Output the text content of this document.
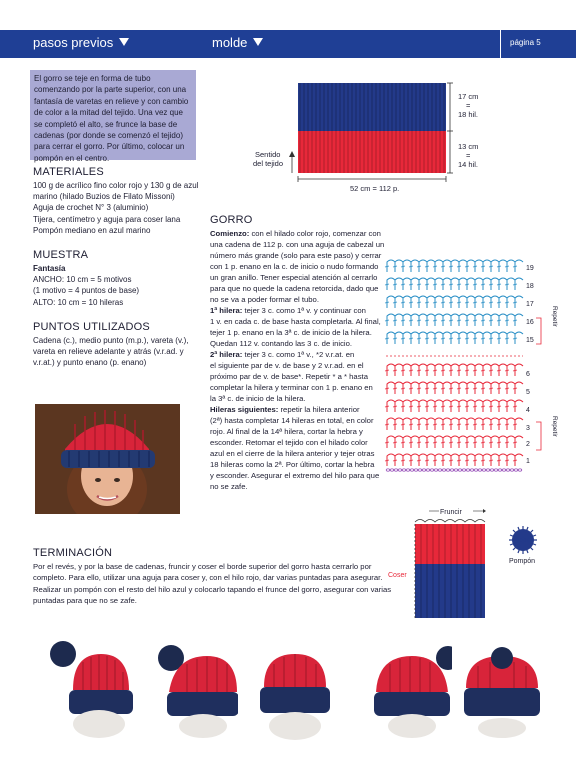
pasos previos	molde	página 5
El gorro se teje en forma de tubo comenzando por la parte superior, con una fantasía de varetas en relieve y con cambio de color a la mitad del tejido. Una vez que se completó el alto, se frunce la base de cadenas (por donde se comenzó el tejido) para cerrar el gorro. Por último, colocar un pompón en el centro.
MATERIALES
100 g de acrílico fino color rojo y 130 g de azul
marino (hilado Buzios de Filato Missoni)
Aguja de crochet N° 3 (aluminio)
Tijera, centímetro y aguja para coser lana
Pompón mediano en azul marino
MUESTRA
Fantasía
ANCHO: 10 cm = 5 motivos
(1 motivo = 4 puntos de base)
ALTO: 10 cm = 10 hileras
PUNTOS UTILIZADOS
Cadena (c.), medio punto (m.p.), vareta (v.),
vareta en relieve adelante y atrás (v.r.ad. y
v.r.at.) y punto enano (p. enano)
17 cm
=
18 hil.
13 cm
=
14 hil.
52 cm = 112 p.
Sentido
del tejido
GORRO
Comienzo: con el hilado color rojo, comenzar con
una cadena de 112 p. con una aguja de cabezal un
número más grande (solo para este paso) y cerrar
con 1 p. enano en la c. de inicio o nudo formando
un gran anillo. Tener especial atención al cerrarlo
para que no quede la cadena retorcida, dado que
no se va a poder formar el tubo.
1ª hilera: tejer 3 c. como 1ª v. y continuar con
1 v. en cada c. de base hasta completarla. Al final,
tejer 1 p. enano en la 3ª c. de inicio de la hilera.
Quedan 112 v. contando las 3 c. de inicio.
2ª hilera: tejer 3 c. como 1ª v., *2 v.r.at. en
el siguiente par de v. de base y 2 v.r.ad. en el
próximo par de v. de base*. Repetir * a * hasta
completar la hilera y terminar con 1 p. enano en
la 3ª c. de inicio de la hilera.
Hileras siguientes: repetir la hilera anterior
(2ª) hasta completar 14 hileras en total, en color
rojo. Al final de la 14ª hilera, cortar la hebra y
esconder. Retomar el tejido con el hilado color
azul en el cierre de la hilera anterior y tejer otras
18 hileras como la 2ª. Por último, cortar la hebra
y esconder. Asegurar el extremo del hilo para que
no se zafe.
19
18
17
16
15
6
5
4
3
2
1
Repetir
Repetir
TERMINACIÓN
Por el revés, y por la base de cadenas, fruncir y coser el borde superior del gorro hasta cerrarlo por
completo. Para ello, utilizar una aguja para coser y, con el hilo rojo, dar varias puntadas para asegurar.
Realizar un pompón con el resto del hilo azul y colocarlo tapando el frunce del gorro, asegurar con varias
puntadas para que no se zafe.
Fruncir
Coser
Pompón
